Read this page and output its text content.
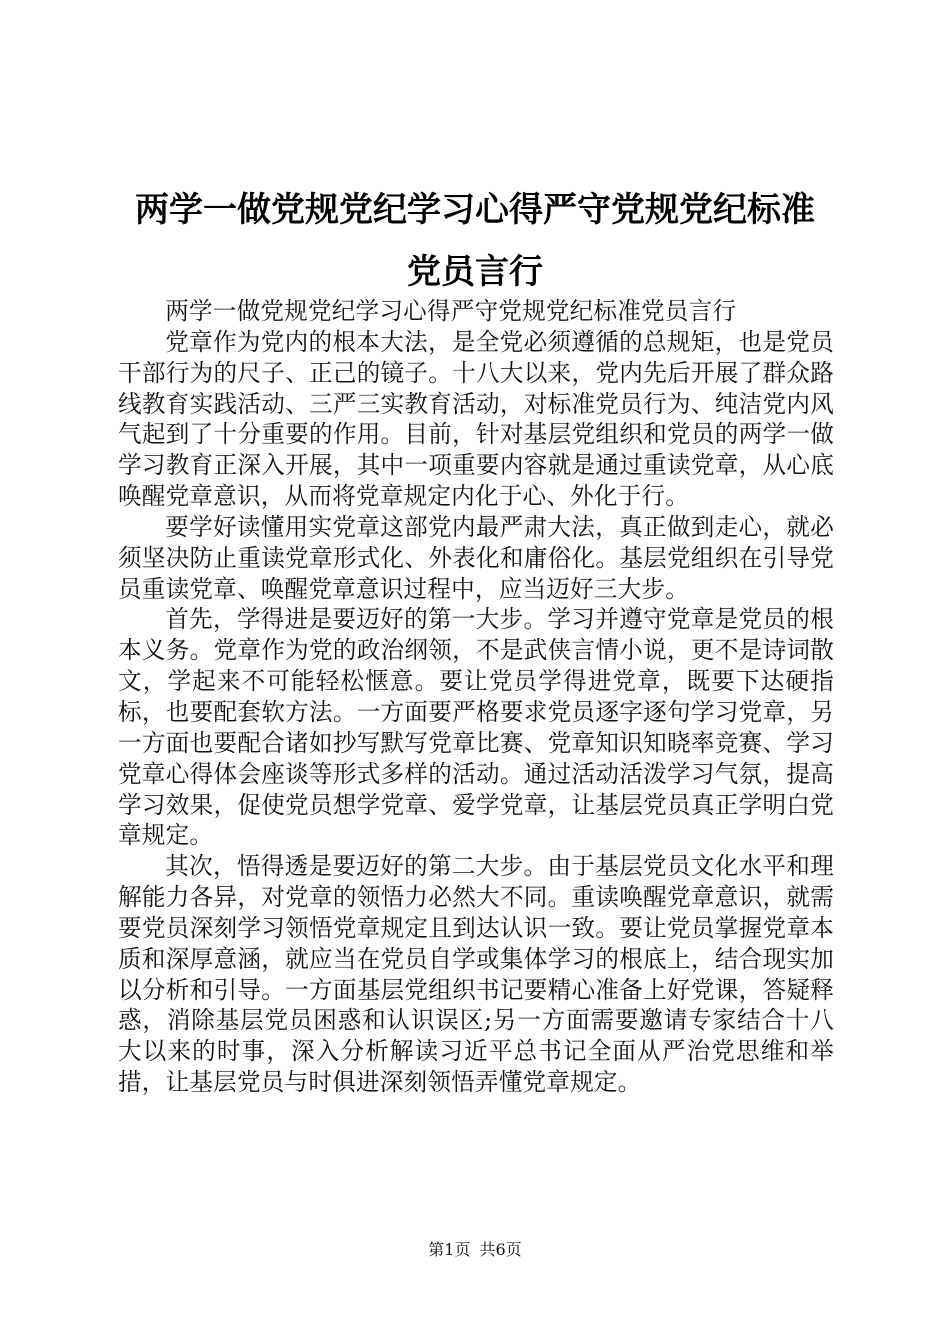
两学一做党规党纪学习心得严守党规党纪标准
党员言行

两学一做党规党纪学习心得严守党规党纪标准党员言行

党章作为党内的根本大法，是全党必须遵循的总规矩，也是党员干部行为的尺子、正己的镜子。十八大以来，党内先后开展了群众路线教育实践活动、三严三实教育活动，对标准党员行为、纯洁党内风气起到了十分重要的作用。目前，针对基层党组织和党员的两学一做学习教育正深入开展，其中一项重要内容就是通过重读党章，从心底唤醒党章意识，从而将党章规定内化于心、外化于行。

要学好读懂用实党章这部党内最严肃大法，真正做到走心，就必须坚决防止重读党章形式化、外表化和庸俗化。基层党组织在引导党员重读党章、唤醒党章意识过程中，应当迈好三大步。

首先，学得进是要迈好的第一大步。学习并遵守党章是党员的根本义务。党章作为党的政治纲领，不是武侠言情小说，更不是诗词散文，学起来不可能轻松惬意。要让党员学得进党章，既要下达硬指标，也要配套软方法。一方面要严格要求党员逐字逐句学习党章，另一方面也要配合诸如抄写默写党章比赛、党章知识知晓率竞赛、学习党章心得体会座谈等形式多样的活动。通过活动活泼学习气氛，提高学习效果，促使党员想学党章、爱学党章，让基层党员真正学明白党章规定。

其次，悟得透是要迈好的第二大步。由于基层党员文化水平和理解能力各异，对党章的领悟力必然大不同。重读唤醒党章意识，就需要党员深刻学习领悟党章规定且到达认识一致。要让党员掌握党章本质和深厚意涵，就应当在党员自学或集体学习的根底上，结合现实加以分析和引导。一方面基层党组织书记要精心准备上好党课，答疑释惑，消除基层党员困惑和认识误区;另一方面需要邀请专家结合十八大以来的时事，深入分析解读习近平总书记全面从严治党思维和举措，让基层党员与时俱进深刻领悟弄懂党章规定。

第1页 共6页
